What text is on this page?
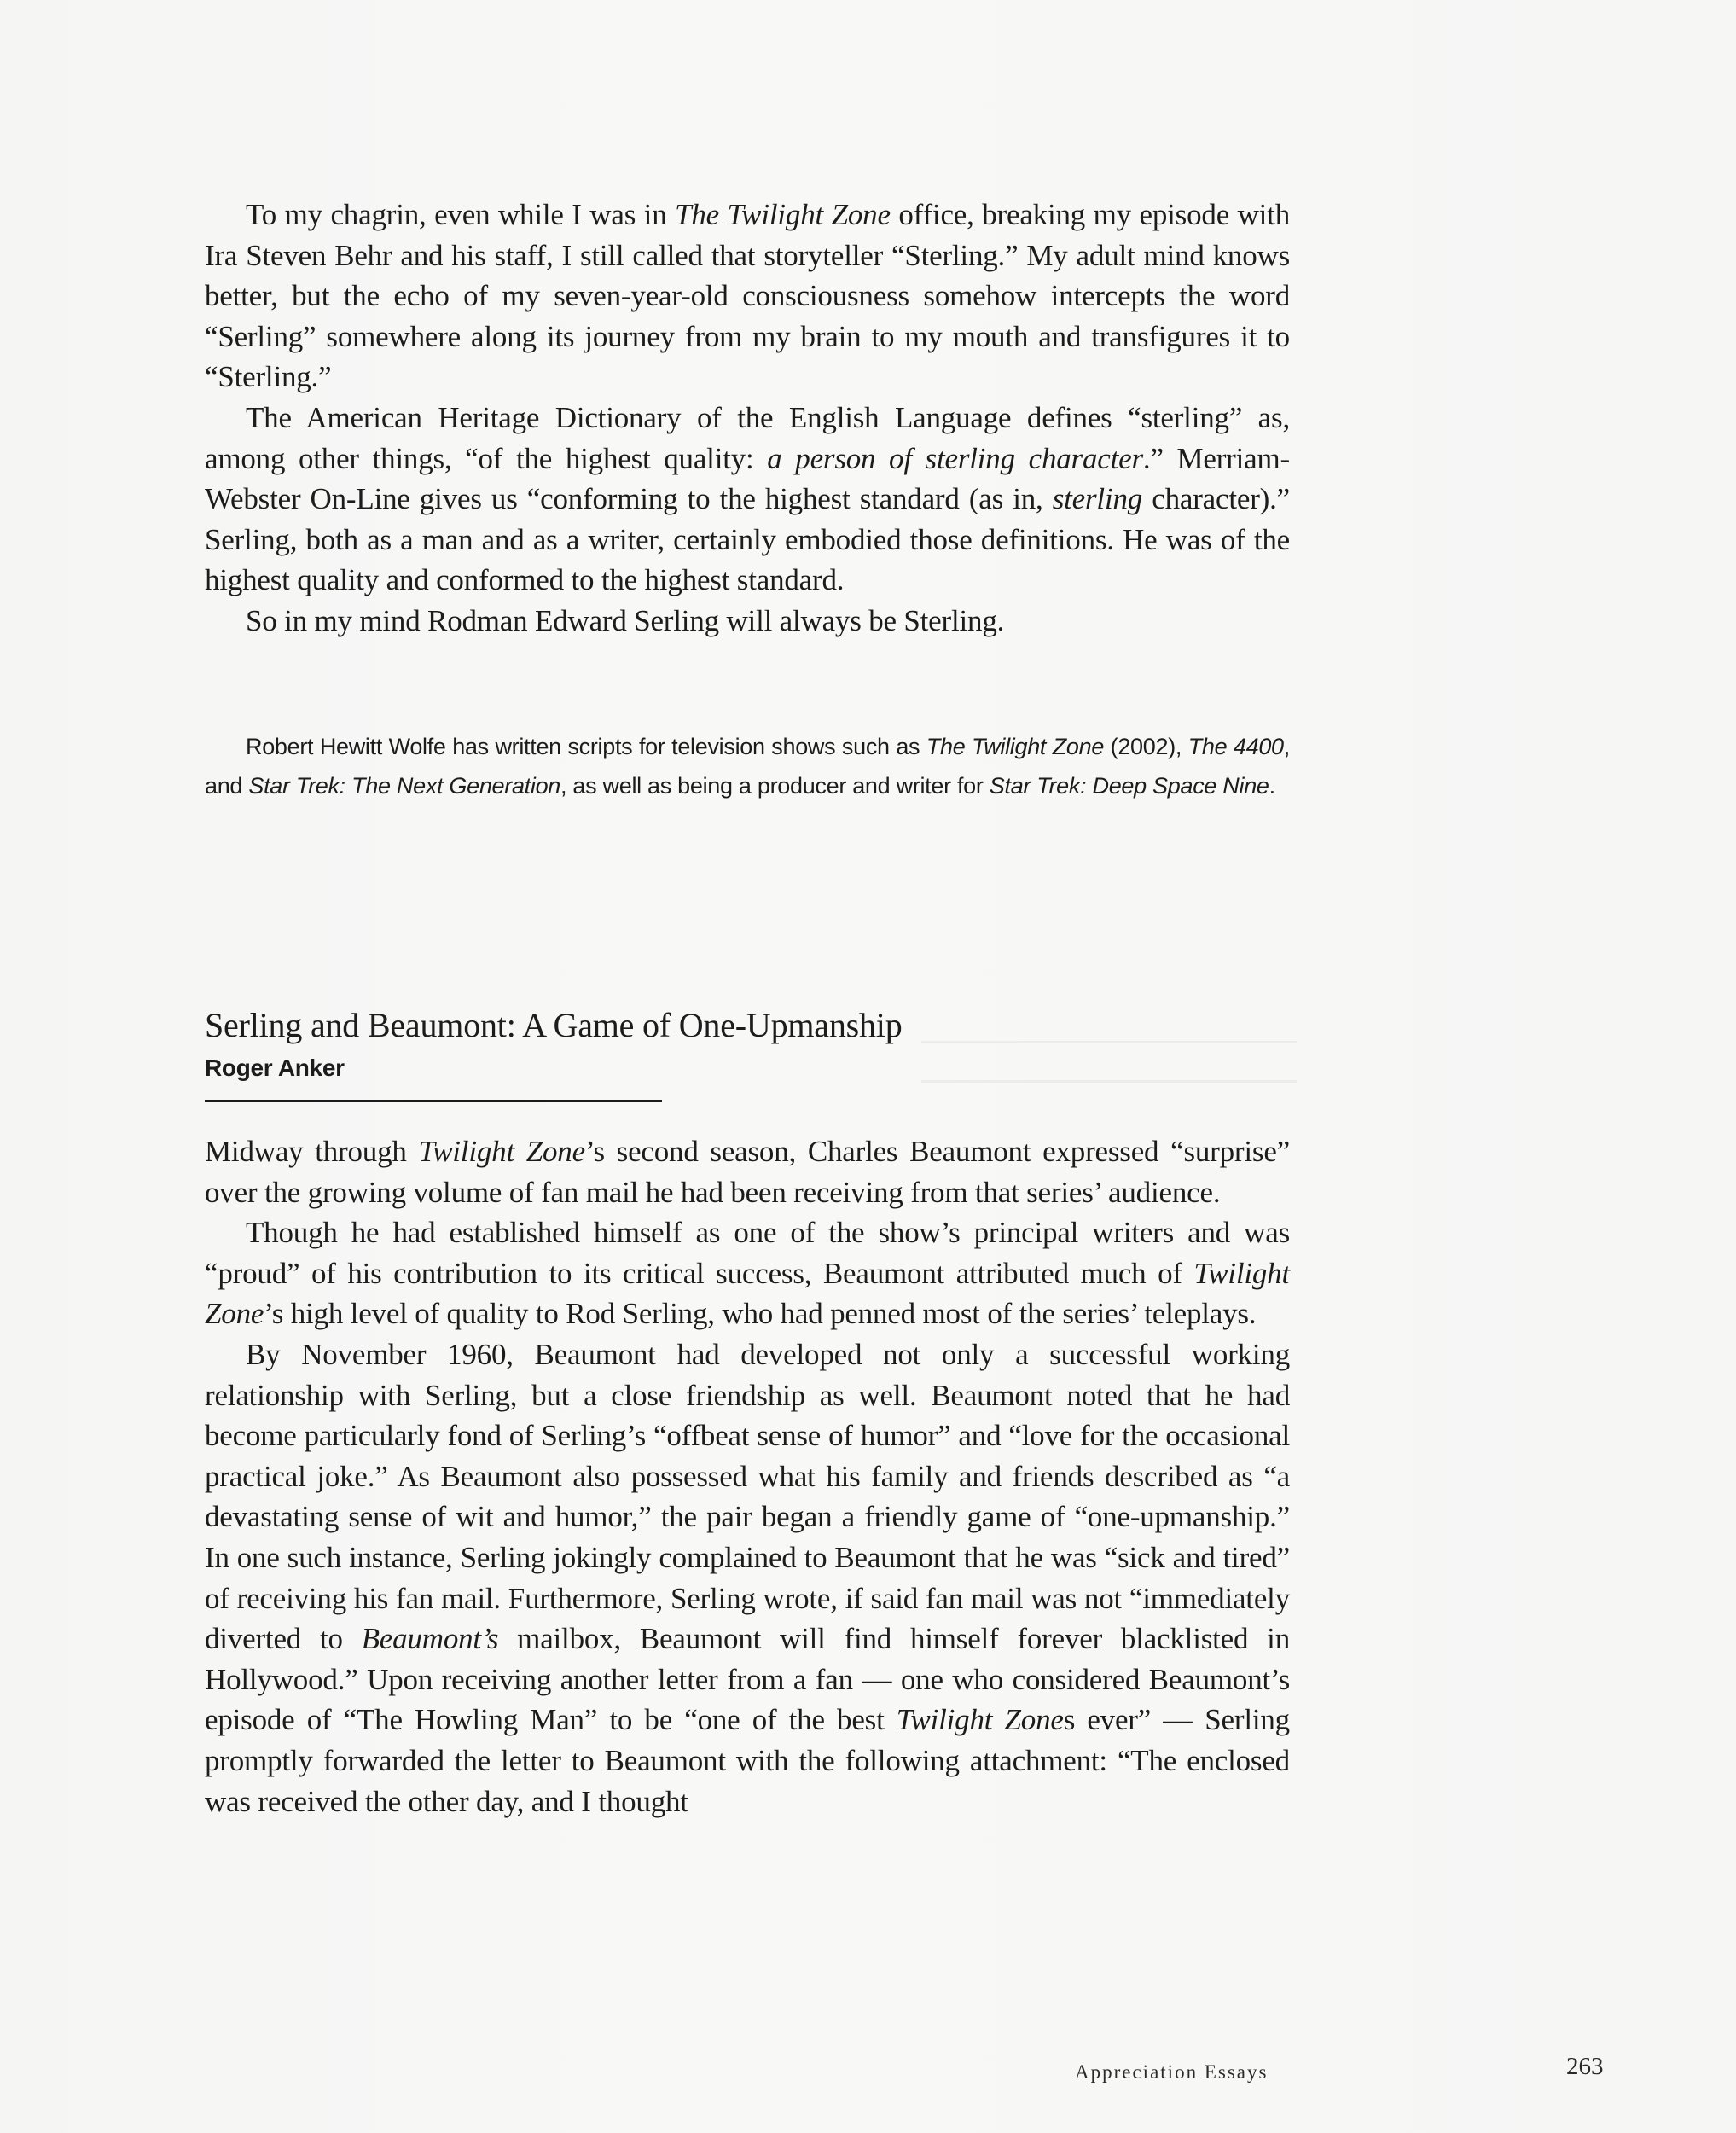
To my chagrin, even while I was in The Twilight Zone office, breaking my episode with Ira Steven Behr and his staff, I still called that storyteller “Sterling.” My adult mind knows better, but the echo of my seven-year-old consciousness somehow intercepts the word “Serling” somewhere along its journey from my brain to my mouth and transfigures it to “Sterling.”

The American Heritage Dictionary of the English Language defines “sterling” as, among other things, “of the highest quality: a person of sterling character.” Merriam-Webster On-Line gives us “conforming to the highest standard (as in, sterling character).” Serling, both as a man and as a writer, certainly embodied those definitions. He was of the highest quality and conformed to the highest standard.

So in my mind Rodman Edward Serling will always be Sterling.

Robert Hewitt Wolfe has written scripts for television shows such as The Twilight Zone (2002), The 4400, and Star Trek: The Next Generation, as well as being a producer and writer for Star Trek: Deep Space Nine.
Serling and Beaumont: A Game of One-Upmanship
Roger Anker

Midway through Twilight Zone’s second season, Charles Beaumont expressed “surprise” over the growing volume of fan mail he had been receiving from that series’ audience.

Though he had established himself as one of the show’s principal writers and was “proud” of his contribution to its critical success, Beaumont attributed much of Twilight Zone’s high level of quality to Rod Serling, who had penned most of the series’ teleplays.

By November 1960, Beaumont had developed not only a successful working relationship with Serling, but a close friendship as well. Beaumont noted that he had become particularly fond of Serling’s “offbeat sense of humor” and “love for the occasional practical joke.” As Beaumont also possessed what his family and friends described as “a devastating sense of wit and humor,” the pair began a friendly game of “one-upmanship.” In one such instance, Serling jokingly complained to Beaumont that he was “sick and tired” of receiving his fan mail. Furthermore, Serling wrote, if said fan mail was not “immediately diverted to Beaumont’s mailbox, Beaumont will find himself forever blacklisted in Hollywood.” Upon receiving another letter from a fan — one who considered Beaumont’s episode of “The Howling Man” to be “one of the best Twilight Zones ever” — Serling promptly forwarded the letter to Beaumont with the following attachment: “The enclosed was received the other day, and I thought

Appreciation Essays	263
